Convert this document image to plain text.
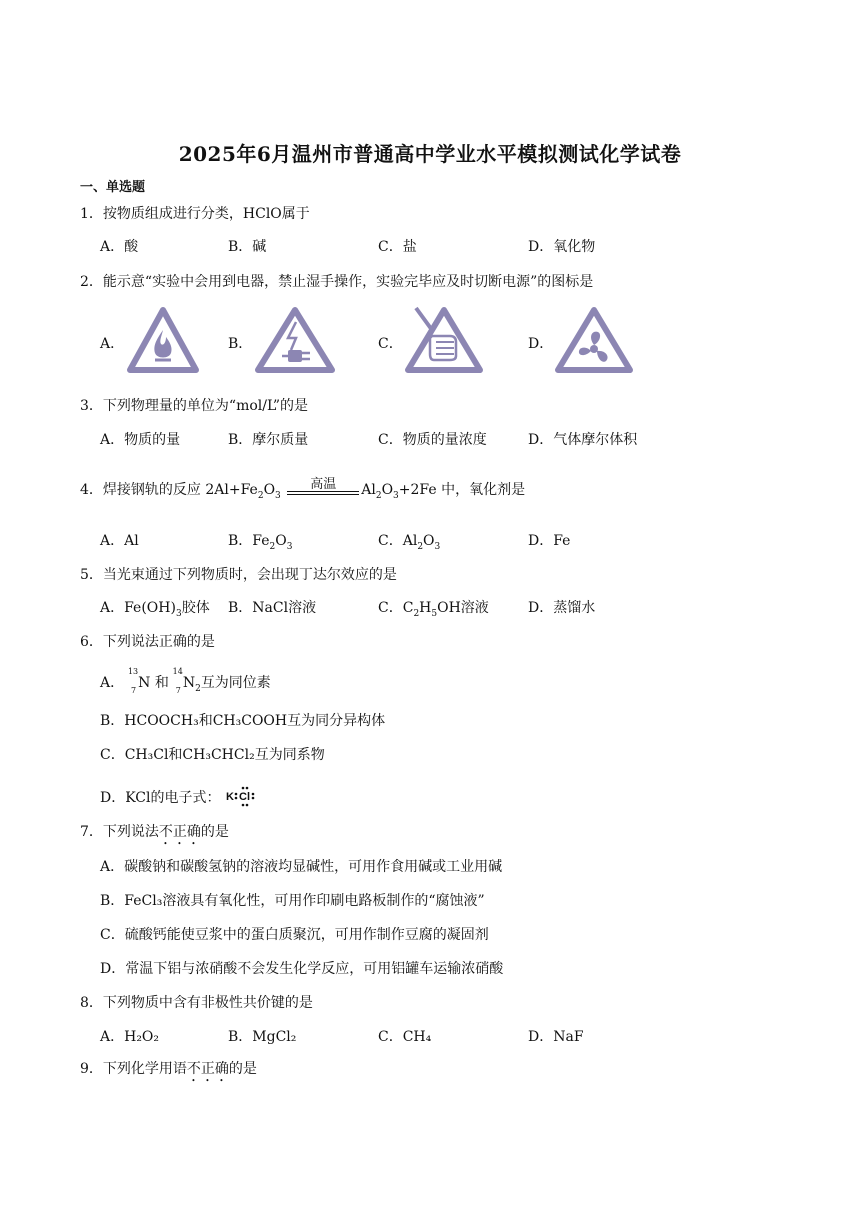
2025年6月温州市普通高中学业水平模拟测试化学试卷
一、单选题
1．按物质组成进行分类，HClO属于
A．酸	B．碱	C．盐	D．氧化物
2．能示意“实验中会用到电器，禁止湿手操作，实验完毕应及时切断电源”的图标是
A．	B．	C．	D．
3．下列物理量的单位为“mol/L”的是
A．物质的量	B．摩尔质量	C．物质的量浓度	D．气体摩尔体积
4．焊接钢轨的反应 $2Al+Fe_2O_3$
高温	$Al_2O_3+2Fe$ 中，氧化剂是
A．Al	B．$Fe_2O_3$	C．$Al_2O_3$	D．Fe
5．当光束通过下列物质时，会出现丁达尔效应的是
A．$Fe(OH)_3$胶体 B．NaCl溶液	C．$C_2H_5OH$溶液	D．蒸馏水
6．下列说法正确的是
A．
13
7 N 和
14
7 $N_2$互为同位素
B．HCOOCH₃和CH₃COOH互为同分异构体
C．CH₃Cl和CH₃CHCl₂互为同系物
D．KCl的电子式： K Cl
7．下列说法不正确的是
A．碳酸钠和碳酸氢钠的溶液均显碱性，可用作食用碱或工业用碱
B．FeCl₃溶液具有氧化性，可用作印刷电路板制作的“腐蚀液”
C．硫酸钙能使豆浆中的蛋白质聚沉，可用作制作豆腐的凝固剂
D．常温下铝与浓硝酸不会发生化学反应，可用铝罐车运输浓硝酸
8．下列物质中含有非极性共价键的是
A．H₂O₂	B．MgCl₂	C．CH₄	D．NaF
9．下列化学用语不正确的是
